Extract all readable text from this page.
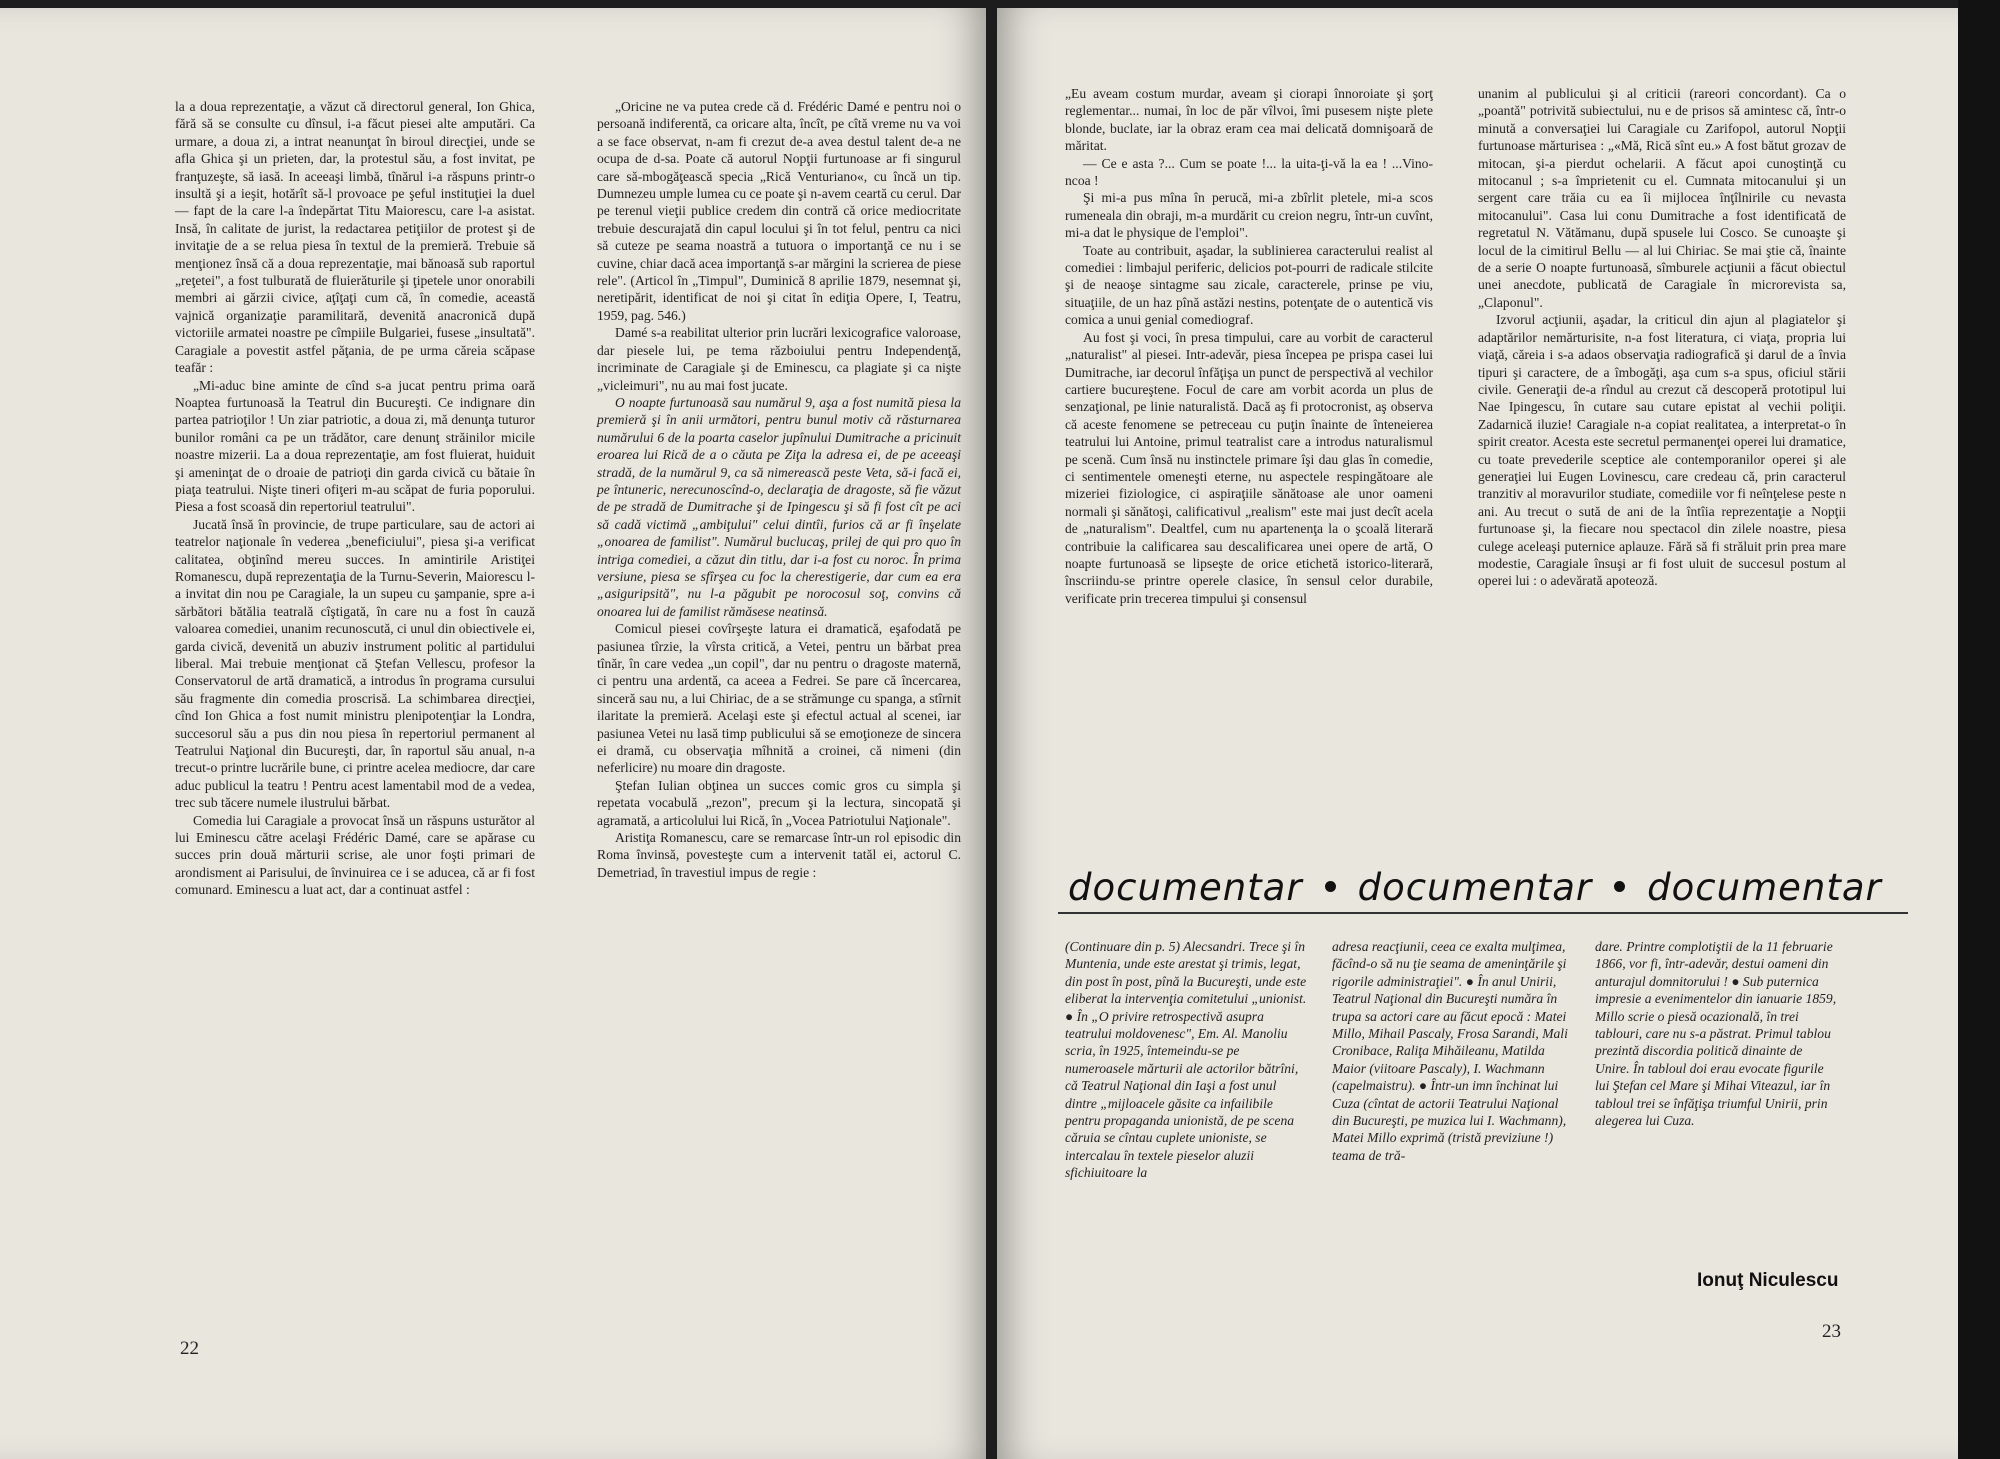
la a doua reprezentaţie, a văzut că directorul general, Ion Ghica, fără să se consulte cu dînsul, i-a făcut piesei alte amputări. Ca urmare, a doua zi, a intrat neanunţat în biroul direcţiei, unde se afla Ghica şi un prieten, dar, la protestul său, a fost invitat, pe franţuzeşte, să iasă. In aceeaşi limbă, tînărul i-a răspuns printr-o insultă şi a ieşit, hotărît să-l provoace pe şeful instituţiei la duel — fapt de la care l-a îndepărtat Titu Maiorescu, care l-a asistat. Insă, în calitate de jurist, la redactarea petiţiilor de protest şi de invitaţie de a se relua piesa în textul de la premieră. Trebuie să menţionez însă că a doua reprezentaţie, mai bănoasă sub raportul „reţetei", a fost tulburată de fluierăturile şi ţipetele unor onorabili membri ai gărzii civice, aţîţaţi cum că, în comedie, această vajnică organizaţie paramilitară, devenită anacronică după victoriile armatei noastre pe cîmpiile Bulgariei, fusese „insultată". Caragiale a povestit astfel păţania, de pe urma căreia scăpase teafăr :

„Mi-aduc bine aminte de cînd s-a jucat pentru prima oară Noaptea furtunoasă la Teatrul din Bucureşti. Ce indignare din partea patrioţilor ! Un ziar patriotic, a doua zi, mă denunţa tuturor bunilor români ca pe un trădător, care denunţ străinilor micile noastre mizerii. La a doua reprezentaţie, am fost fluierat, huiduit şi ameninţat de o droaie de patrioţi din garda civică cu bătaie în piaţa teatrului. Nişte tineri ofiţeri m-au scăpat de furia poporului. Piesa a fost scoasă din repertoriul teatrului".

Jucată însă în provincie, de trupe particulare, sau de actori ai teatrelor naţionale în vederea „beneficiului", piesa şi-a verificat calitatea, obţinînd mereu succes. In amintirile Aristiţei Romanescu, după reprezentaţia de la Turnu-Severin, Maiorescu l-a invitat din nou pe Caragiale, la un supeu cu şampanie, spre a-i sărbători bătălia teatrală cîştigată, în care nu a fost în cauză valoarea comediei, unanim recunoscută, ci unul din obiectivele ei, garda civică, devenită un abuziv instrument politic al partidului liberal. Mai trebuie menţionat că Ştefan Vellescu, profesor la Conservatorul de artă dramatică, a introdus în programa cursului său fragmente din comedia proscrisă. La schimbarea direcţiei, cînd Ion Ghica a fost numit ministru plenipotenţiar la Londra, succesorul său a pus din nou piesa în repertoriul permanent al Teatrului Naţional din Bucureşti, dar, în raportul său anual, n-a trecut-o printre lucrările bune, ci printre acelea mediocre, dar care aduc publicul la teatru ! Pentru acest lamentabil mod de a vedea, trec sub tăcere numele ilustrului bărbat.

Comedia lui Caragiale a provocat însă un răspuns usturător al lui Eminescu către acelaşi Frédéric Damé, care se apărase cu succes prin două mărturii scrise, ale unor foşti primari de arondisment ai Parisului, de învinuirea ce i se aducea, că ar fi fost comunard. Eminescu a luat act, dar a continuat astfel :

„Oricine ne va putea crede că d. Frédéric Damé e pentru noi o persoană indiferentă, ca oricare alta, încît, pe cîtă vreme nu va voi a se face observat, n-am fi crezut de-a avea destul talent de-a ne ocupa de d-sa. Poate că autorul Nopţii furtunoase ar fi singurul care să-mbogăţească specia „Rică Venturiano«, cu încă un tip. Dumnezeu umple lumea cu ce poate şi n-avem ceartă cu cerul. Dar pe terenul vieţii publice credem din contră că orice mediocritate trebuie descurajată din capul locului şi în tot felul, pentru ca nici să cuteze pe seama noastră a tutuora o importanţă ce nu i se cuvine, chiar dacă acea importanţă s-ar mărgini la scrierea de piese rele". (Articol în „Timpul", Duminică 8 aprilie 1879, nesemnat şi, neretipărit, identificat de noi şi citat în ediţia Opere, I, Teatru, 1959, pag. 546.)

Damé s-a reabilitat ulterior prin lucrări lexicografice valoroase, dar piesele lui, pe tema războiului pentru Independenţă, incriminate de Caragiale şi de Eminescu, ca plagiate şi ca nişte „vicleimuri", nu au mai fost jucate.

O noapte furtunoasă sau numărul 9, aşa a fost numită piesa la premieră şi în anii următori, pentru bunul motiv că răsturnarea numărului 6 de la poarta caselor jupînului Dumitrache a pricinuit eroarea lui Rică de a o căuta pe Ziţa la adresa ei, de pe aceeaşi stradă, de la numărul 9, ca să nimerească peste Veta, să-i facă ei, pe întuneric, nerecunoscînd-o, declaraţia de dragoste, să fie văzut de pe stradă de Dumitrache şi de Ipingescu şi să fi fost cît pe aci să cadă victimă „ambiţului" celui dintîi, furios că ar fi înşelate „onoarea de familist". Numărul buclucaş, prilej de qui pro quo în intriga comediei, a căzut din titlu, dar i-a fost cu noroc. În prima versiune, piesa se sfîrşea cu foc la cherestigerie, dar cum ea era „asiguripsită", nu l-a păgubit pe norocosul soţ, convins că onoarea lui de familist rămăsese neatinsă.

Comicul piesei covîrşeşte latura ei dramatică, eşafodată pe pasiunea tîrzie, la vîrsta critică, a Vetei, pentru un bărbat prea tînăr, în care vedea „un copil", dar nu pentru o dragoste maternă, ci pentru una ardentă, ca aceea a Fedrei. Se pare că încercarea, sinceră sau nu, a lui Chiriac, de a se strămunge cu spanga, a stîrnit ilaritate la premieră. Acelaşi este şi efectul actual al scenei, iar pasiunea Vetei nu lasă timp publicului să se emoţioneze de sincera ei dramă, cu observaţia mîhnită a croinei, că nimeni (din neferlicire) nu moare din dragoste.

Ştefan Iulian obţinea un succes comic gros cu simpla şi repetata vocabulă „rezon", precum şi la lectura, sincopată şi agramată, a articolului lui Rică, în „Vocea Patriotului Naţionale".

Aristiţa Romanescu, care se remarcase într-un rol episodic din Roma învinsă, povesteşte cum a intervenit tatăl ei, actorul C. Demetriad, în travestiul impus de regie :

22

„Eu aveam costum murdar, aveam şi ciorapi înnoroiate şi şorţ reglementar... numai, în loc de păr vîlvoi, îmi pusesem nişte plete blonde, buclate, iar la obraz eram cea mai delicată domnişoară de măritat.

— Ce e asta ?... Cum se poate !... la uita-ţi-vă la ea ! ...Vino-ncoa !

Şi mi-a pus mîna în perucă, mi-a zbîrlit pletele, mi-a scos rumeneala din obraji, m-a murdărit cu creion negru, într-un cuvînt, mi-a dat le physique de l'emploi".

Toate au contribuit, aşadar, la sublinierea caracterului realist al comediei : limbajul periferic, delicios pot-pourri de radicale stilcite şi de neaoşe sintagme sau zicale, caracterele, prinse pe viu, situaţiile, de un haz pînă astăzi nestins, potenţate de o autentică vis comica a unui genial comediograf.

Au fost şi voci, în presa timpului, care au vorbit de caracterul „naturalist" al piesei. Intr-adevăr, piesa începea pe prispa casei lui Dumitrache, iar decorul înfăţişa un punct de perspectivă al vechilor cartiere bucureştene. Focul de care am vorbit acorda un plus de senzaţional, pe linie naturalistă. Dacă aş fi protocronist, aş observa că aceste fenomene se petreceau cu puţin înainte de înteneierea teatrului lui Antoine, primul teatralist care a introdus naturalismul pe scenă. Cum însă nu instinctele primare îşi dau glas în comedie, ci sentimentele omeneşti eterne, nu aspectele respingătoare ale mizeriei fiziologice, ci aspiraţiile sănătoase ale unor oameni normali şi sănătoşi, calificativul „realism" este mai just decît acela de „naturalism". Dealtfel, cum nu apartenenţa la o şcoală literară contribuie la calificarea sau descalificarea unei opere de artă, O noapte furtunoasă se lipseşte de orice etichetă istorico-literară, înscriindu-se printre operele clasice, în sensul celor durabile, verificate prin trecerea timpului şi consensul

unanim al publicului şi al criticii (rareori concordant). Ca o „poantă" potrivită subiectului, nu e de prisos să amintesc că, într-o minută a conversaţiei lui Caragiale cu Zarifopol, autorul Nopţii furtunoase mărturisea : „«Mă, Rică sînt eu.» A fost bătut grozav de mitocan, şi-a pierdut ochelarii. A făcut apoi cunoştinţă cu mitocanul ; s-a împrietenit cu el. Cumnata mitocanului şi un sergent care trăia cu ea îi mijlocea înţîlnirile cu nevasta mitocanului". Casa lui conu Dumitrache a fost identificată de regretatul N. Vătămanu, după spusele lui Cosco. Se cunoaşte şi locul de la cimitirul Bellu — al lui Chiriac. Se mai ştie că, înainte de a serie O noapte furtunoasă, sîmburele acţiunii a făcut obiectul unei anecdote, publicată de Caragiale în microrevista sa, „Claponul".

Izvorul acţiunii, aşadar, la criticul din ajun al plagiatelor şi adaptărilor nemărturisite, n-a fost literatura, ci viaţa, propria lui viaţă, căreia i s-a adaos observaţia radiografică şi darul de a învia tipuri şi caractere, de a îmbogăţi, aşa cum s-a spus, oficiul stării civile. Generaţii de-a rîndul au crezut că descoperă prototipul lui Nae Ipingescu, în cutare sau cutare epistat al vechii poliţii. Zadarnică iluzie! Caragiale n-a copiat realitatea, a interpretat-o în spirit creator. Acesta este secretul permanenţei operei lui dramatice, cu toate prevederile sceptice ale contemporanilor operei şi ale generaţiei lui Eugen Lovinescu, care credeau că, prin caracterul tranzitiv al moravurilor studiate, comediile vor fi neînţelese peste n ani. Au trecut o sută de ani de la întîia reprezentaţie a Nopţii furtunoase şi, la fiecare nou spectacol din zilele noastre, piesa culege aceleaşi puternice aplauze. Fără să fi străluit prin prea mare modestie, Caragiale însuşi ar fi fost uluit de succesul postum al operei lui : o adevărată apoteoză.

(Continuare din p. 5) Alecsandri. Trece şi în Muntenia, unde este arestat şi trimis, legat, din post în post, pînă la Bucureşti, unde este eliberat la intervenţia comitetului „unionist. ● În „O privire retrospectivă asupra teatrului moldovenesc", Em. Al. Manoliu scria, în 1925, întemeindu-se pe numeroasele mărturii ale actorilor bătrîni, că Teatrul Naţional din Iaşi a fost unul dintre „mijloacele găsite ca infailibile pentru propaganda unionistă, de pe scena căruia se cîntau cuplete unioniste, se intercalau în textele pieselor aluzii sfichiuitoare la

adresa reacţiunii, ceea ce exalta mulţimea, făcînd-o să nu ţie seama de ameninţările şi rigorile administraţiei". ● În anul Unirii, Teatrul Naţional din Bucureşti număra în trupa sa actori care au făcut epocă : Matei Millo, Mihail Pascaly, Frosa Sarandi, Mali Cronibace, Raliţa Mihăileanu, Matilda Maior (viitoare Pascaly), I. Wachmann (capelmaistru). ● Într-un imn închinat lui Cuza (cîntat de actorii Teatrului Naţional din Bucureşti, pe muzica lui I. Wachmann), Matei Millo exprimă (tristă previziune !) teama de tră-

dare. Printre complotiştii de la 11 februarie 1866, vor fi, într-adevăr, destui oameni din anturajul domnitorului ! ● Sub puternica impresie a evenimentelor din ianuarie 1859, Millo scrie o piesă ocazională, în trei tablouri, care nu s-a păstrat. Primul tablou prezintă discordia politică dinainte de Unire. În tabloul doi erau evocate figurile lui Ştefan cel Mare şi Mihai Viteazul, iar în tabloul trei se înfăţişa triumful Unirii, prin alegerea lui Cuza.

Ionuţ Niculescu
23
documentar documentar documentar
